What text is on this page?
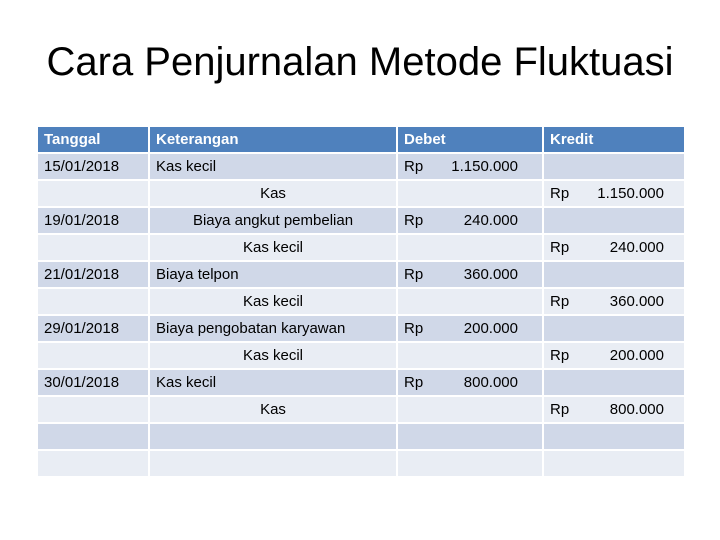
Cara Penjurnalan Metode Fluktuasi
Tanggal	Keterangan	Debet	Kredit
15/01/2018	Kas kecil	Rp 1.150.000	

	Kas		Rp 1.150.000

19/01/2018	Biaya angkut pembelian	Rp 240.000	

	Kas kecil		Rp 240.000

21/01/2018	Biaya telpon	Rp 360.000	

	Kas kecil		Rp 360.000

29/01/2018	Biaya pengobatan karyawan	Rp 200.000	

	Kas kecil		Rp 200.000

30/01/2018	Kas kecil	Rp 800.000	

	Kas		Rp 800.000
